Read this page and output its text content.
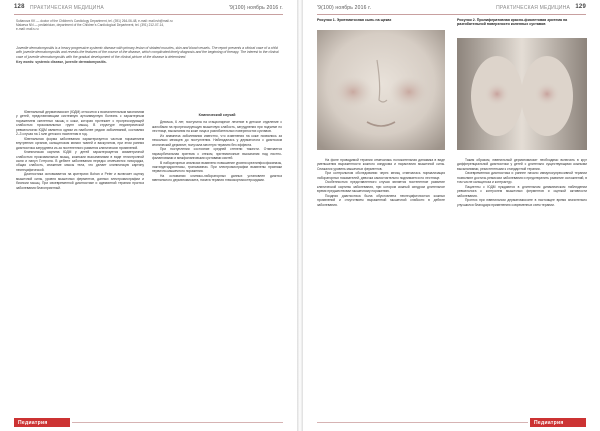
128 ПРАКТИЧЕСКАЯ МЕДИЦИНА	'9(100) ноябрь 2016 г.
Sultanova KK — doctor of the Children's Cardiology Department, tel. (391) 264-06-48, e-mail: mail.rsh@mail.ru
Malaeva NN — pediatrician, department of the Children's Cardiological Department, tel. (391) 212-07-14,
e-mail: mail.s.ru
Juvenile dermatomyositis is a heavy progressive systemic disease with primary lesion of striated muscles, skin and blood vessels. The report presents a clinical case of a child with juvenile dermatomyositis and reveals the features of the course of the disease, which complicated timely diagnosis and the beginning of therapy. The interest to the clinical case of juvenile dermatomyositis with the gradual development of the clinical picture of the disease is determined.
Key words: systemic disease, juvenile dermatomyositis.

Ювенильный дерматомиозит (ЮДМ) относится к воспалительным миопатиям у детей, представляющим системную аутоиммунную болезнь с характерным поражением скелетных мышц и кожи, которая протекает с прогрессирующей слабостью проксимальных групп мышц. В структуре педиатрической ревматологии ЮДМ является одним из наиболее редких заболеваний, составляя 2–3 случая на 1 млн детского населения в год.

Ювенильная форма заболевания характеризуется частым поражением внутренних органов, кальцинозом мягких тканей и васкулитом, при этом ранняя диагностика затруднена из-за постепенного развития клинических проявлений.

Клиническая картина ЮДМ у детей характеризуется симметричной слабостью проксимальных мышц, кожными высыпаниями в виде гелиотропной сыпи и папул Готтрона. В дебюте заболевания нередко отмечаются лихорадка, общая слабость, снижение массы тела, что делает клиническую картину неспецифической.

Диагностика основывается на критериях Bohan и Peter и включает оценку мышечной силы, уровня мышечных ферментов, данных электромиографии и биопсии мышц. При своевременной диагностике и адекватной терапии прогноз заболевания благоприятный.

Клинический случай

Девочка, 6 лет, поступила на стационарное лечение в детское отделение с жалобами на прогрессирующую мышечную слабость, затруднения при подъеме по лестнице, высыпания на коже лица и разгибательных поверхностях суставов.

Из анамнеза заболевания известно, что изменения на коже появились за несколько месяцев до поступления. Наблюдалась у дерматолога с диагнозом атопический дерматит, получала местную терапию без эффекта.

При поступлении состояние средней степени тяжести. Отмечается параорбитальная эритема с отеком, эритематозные высыпания над пястно-фаланговыми и межфаланговыми суставами кистей.

В лабораторных анализах выявлено повышение уровня креатинфосфокиназы, лактатдегидрогеназы, трансаминаз. При электромиографии выявлены признаки первично-мышечного поражения.

На основании клинико-лабораторных данных установлен диагноз ювенильного дерматомиозита, начата терапия глюкокортикостероидами.

Педиатрия
'9(100) ноябрь 2016 г.	ПРАКТИЧЕСКАЯ МЕДИЦИНА 129
Рисунок 1. Эритематозная сыпь на щеках	Рисунок 2. Пролиферативная красно-фиолетовая эритема на разгибательной поверхности коленных суставов

На фоне проводимой терапии отмечалась положительная динамика в виде уменьшения выраженности кожного синдрома и нарастания мышечной силы. Снижался уровень мышечных ферментов.

При контрольном обследовании через месяц отмечалась нормализация лабораторных показателей, девочка самостоятельно поднимается по лестнице.

Особенностью представленного случая является постепенное развитие клинической картины заболевания, при котором кожный синдром длительное время предшествовал мышечному поражению.

Поздняя диагностика была обусловлена неспецифичностью кожных проявлений и отсутствием выраженной мышечной слабости в дебюте заболевания.

Таким образом, ювенильный дерматомиозит необходимо включать в круг дифференциальной диагностики у детей с длительно существующими кожными высыпаниями, резистентными к стандартной терапии.

Своевременная диагностика и раннее начало иммуносупрессивной терапии позволяют достичь ремиссии заболевания и предотвратить развитие осложнений, в том числе кальциноза и контрактур.

Пациенты с ЮДМ нуждаются в длительном динамическом наблюдении ревматолога с контролем мышечных ферментов и оценкой активности заболевания.

Прогноз при ювенильном дерматомиозите в настоящее время значительно улучшился благодаря применению современных схем терапии.

Педиатрия
